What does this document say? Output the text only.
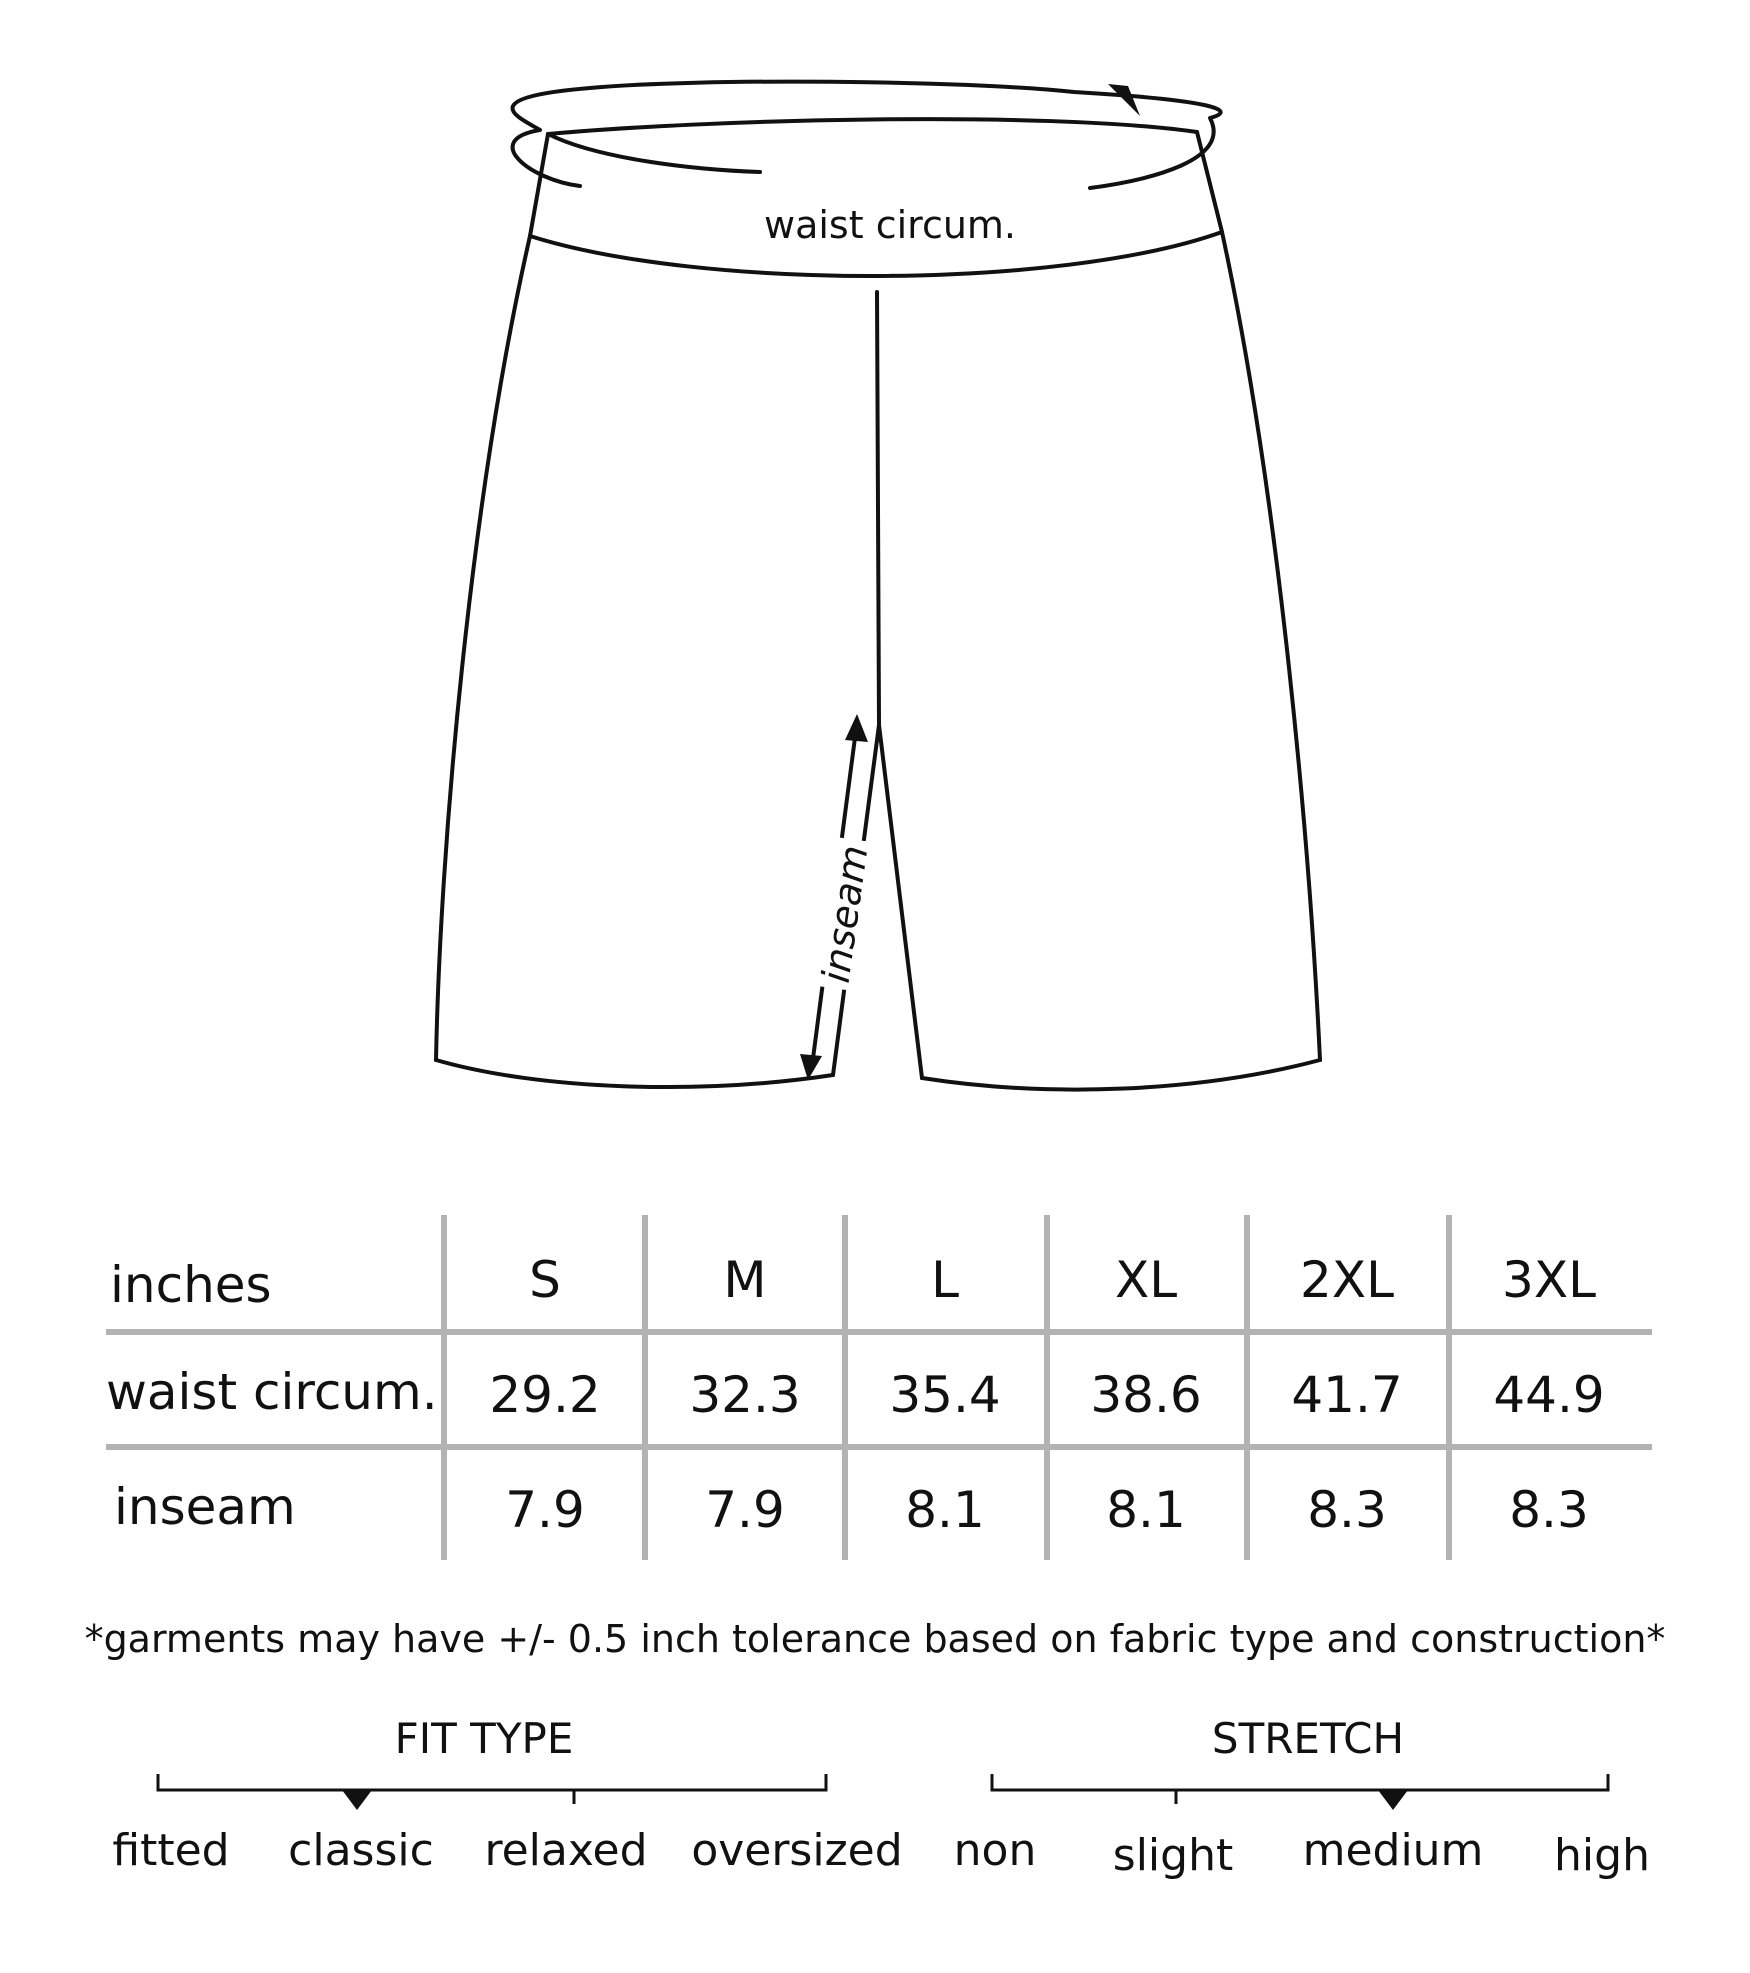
waist circum.
inseam
inches	S	M	L	XL	2XL	3XL
waist circum.	29.2	32.3	35.4	38.6	41.7	44.9
inseam	7.9	7.9	8.1	8.1	8.3	8.3
*garments may have +/- 0.5 inch tolerance based on fabric type and construction*
FIT TYPE
fitted	classic	relaxed oversized
STRETCH
non	slight	medium	high
